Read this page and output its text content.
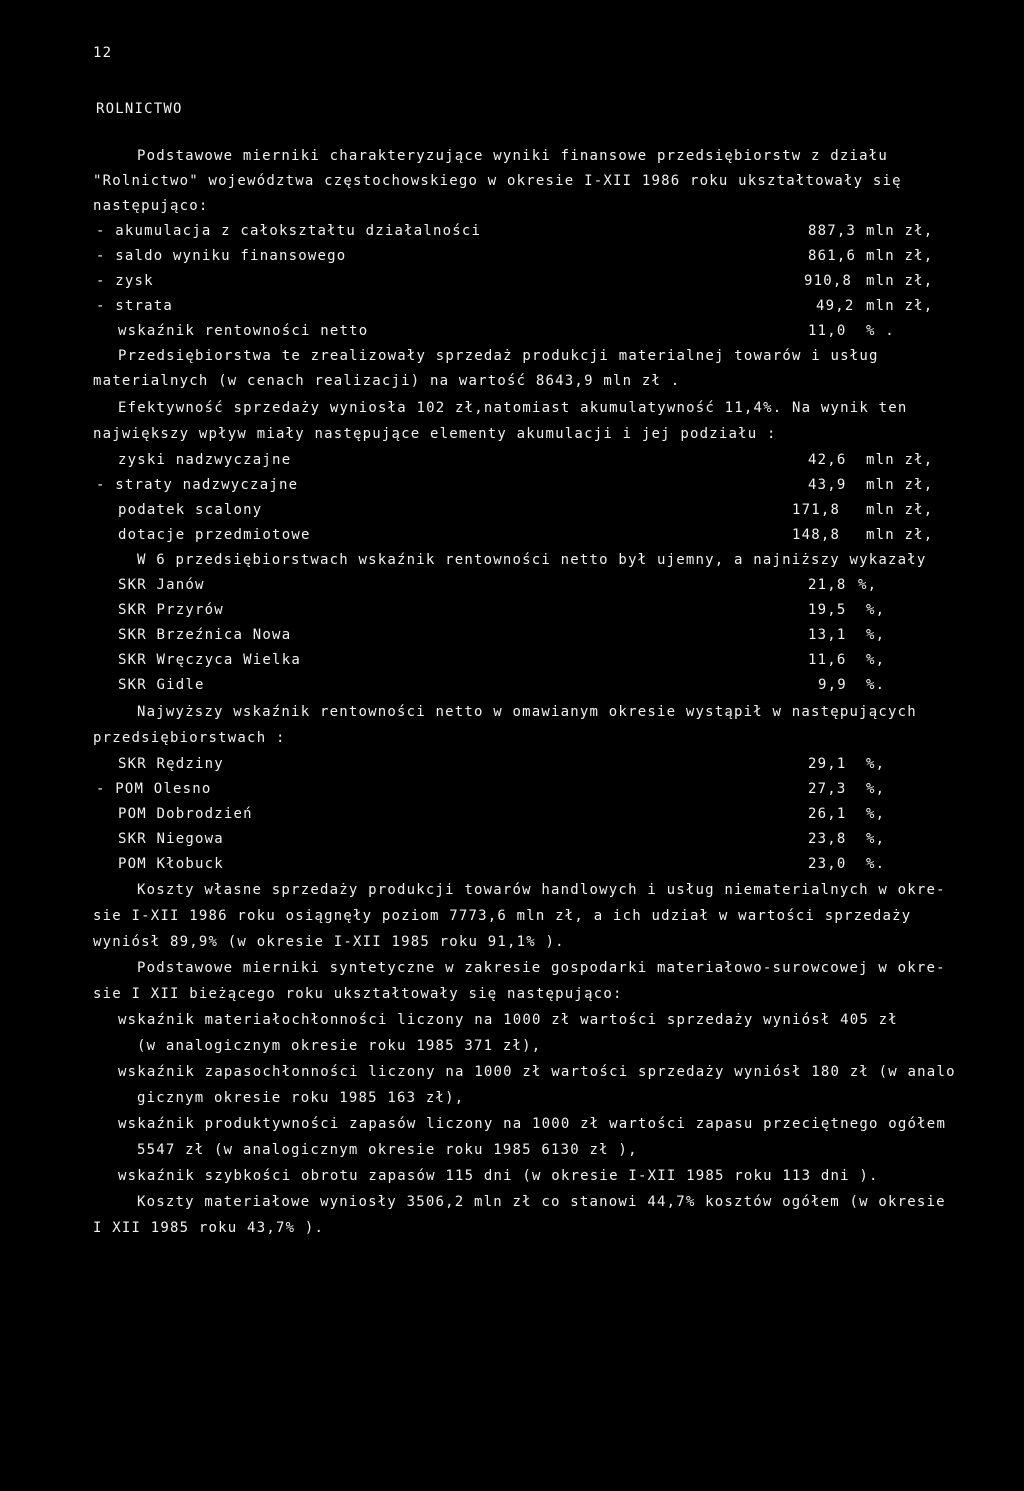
12
ROLNICTWO
Podstawowe mierniki charakteryzujące wyniki finansowe przedsiębiorstw z działu
"Rolnictwo" województwa częstochowskiego w okresie I-XII 1986 roku ukształtowały się
następująco:
- akumulacja z całokształtu działalności	887,3 mln zł,
- saldo wyniku finansowego	861,6 mln zł,
- zysk	910,8 mln zł,
- strata	49,2 mln zł,
wskaźnik rentowności netto	11,0 % .
Przedsiębiorstwa te zrealizowały sprzedaż produkcji materialnej towarów i usług
materialnych (w cenach realizacji) na wartość 8643,9 mln zł .
Efektywność sprzedaży wyniosła 102 zł,natomiast akumulatywność 11,4%. Na wynik ten
największy wpływ miały następujące elementy akumulacji i jej podziału :
zyski nadzwyczajne	42,6 mln zł,
- straty nadzwyczajne	43,9 mln zł,
podatek scalony	171,8 mln zł,
dotacje przedmiotowe	148,8 mln zł,
W 6 przedsiębiorstwach wskaźnik rentowności netto był ujemny, a najniższy wykazały
SKR Janów	21,8 %,
SKR Przyrów	19,5 %,
SKR Brzeźnica Nowa	13,1 %,
SKR Wręczyca Wielka	11,6 %,
SKR Gidle	9,9 %.
Najwyższy wskaźnik rentowności netto w omawianym okresie wystąpił w następujących
przedsiębiorstwach :
SKR Rędziny	29,1 %,
- POM Olesno	27,3 %,
POM Dobrodzień	26,1 %,
SKR Niegowa	23,8 %,
POM Kłobuck	23,0 %.
Koszty własne sprzedaży produkcji towarów handlowych i usług niematerialnych w okre-
sie I-XII 1986 roku osiągnęły poziom 7773,6 mln zł, a ich udział w wartości sprzedaży
wyniósł 89,9% (w okresie I-XII 1985 roku 91,1% ).
Podstawowe mierniki syntetyczne w zakresie gospodarki materiałowo-surowcowej w okre-
sie I XII bieżącego roku ukształtowały się następująco:
wskaźnik materiałochłonności liczony na 1000 zł wartości sprzedaży wyniósł 405 zł
(w analogicznym okresie roku 1985 371 zł),
wskaźnik zapasochłonności liczony na 1000 zł wartości sprzedaży wyniósł 180 zł (w analo
gicznym okresie roku 1985 163 zł),
wskaźnik produktywności zapasów liczony na 1000 zł wartości zapasu przeciętnego ogółem
5547 zł (w analogicznym okresie roku 1985 6130 zł ),
wskaźnik szybkości obrotu zapasów 115 dni (w okresie I-XII 1985 roku 113 dni ).
Koszty materiałowe wyniosły 3506,2 mln zł co stanowi 44,7% kosztów ogółem (w okresie
I XII 1985 roku 43,7% ).
